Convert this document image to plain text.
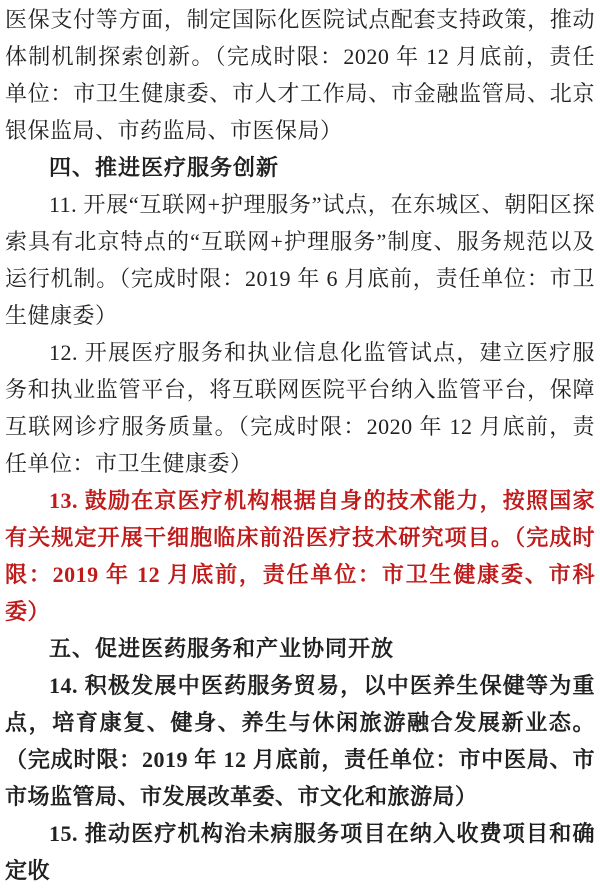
医保支付等方面，制定国际化医院试点配套支持政策，推动体制机制探索创新。（完成时限：2020 年 12 月底前，责任单位：市卫生健康委、市人才工作局、市金融监管局、北京银保监局、市药监局、市医保局）

四、推进医疗服务创新

11. 开展“互联网+护理服务”试点，在东城区、朝阳区探索具有北京特点的“互联网+护理服务”制度、服务规范以及运行机制。（完成时限：2019 年 6 月底前，责任单位：市卫生健康委）

12. 开展医疗服务和执业信息化监管试点，建立医疗服务和执业监管平台，将互联网医院平台纳入监管平台，保障互联网诊疗服务质量。（完成时限：2020 年 12 月底前，责任单位：市卫生健康委）

13. 鼓励在京医疗机构根据自身的技术能力，按照国家有关规定开展干细胞临床前沿医疗技术研究项目。（完成时限：2019 年 12 月底前，责任单位：市卫生健康委、市科委）

五、促进医药服务和产业协同开放

14. 积极发展中医药服务贸易，以中医养生保健等为重点，培育康复、健身、养生与休闲旅游融合发展新业态。（完成时限：2019 年 12 月底前，责任单位：市中医局、市市场监管局、市发展改革委、市文化和旅游局）

15. 推动医疗机构治未病服务项目在纳入收费项目和确定收
